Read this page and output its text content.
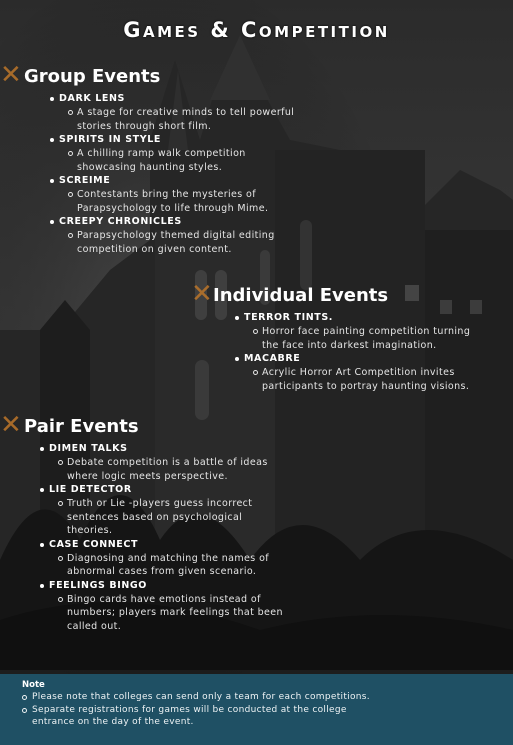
Games & Competition
✕ Group Events
DARK LENS
A stage for creative minds to tell powerful
stories through short film.
SPIRITS IN STYLE
A chilling ramp walk competition
showcasing haunting styles.
SCREIME
Contestants bring the mysteries of
Parapsychology to life through Mime.
CREEPY CHRONICLES
Parapsychology themed digital editing
competition on given content.
✕ Individual Events
TERROR TINTS.
Horror face painting competition turning
the face into darkest imagination.
MACABRE
Acrylic Horror Art Competition invites
participants to portray haunting visions.
✕ Pair Events
DIMEN TALKS
Debate competition is a battle of ideas
where logic meets perspective.
LIE DETECTOR
Truth or Lie -players guess incorrect
sentences based on psychological
theories.
CASE CONNECT
Diagnosing and matching the names of
abnormal cases from given scenario.
FEELINGS BINGO
Bingo cards have emotions instead of
numbers; players mark feelings that been
called out.
Note
Please note that colleges can send only a team for each competitions.
Separate registrations for games will be conducted at the college
entrance on the day of the event.
